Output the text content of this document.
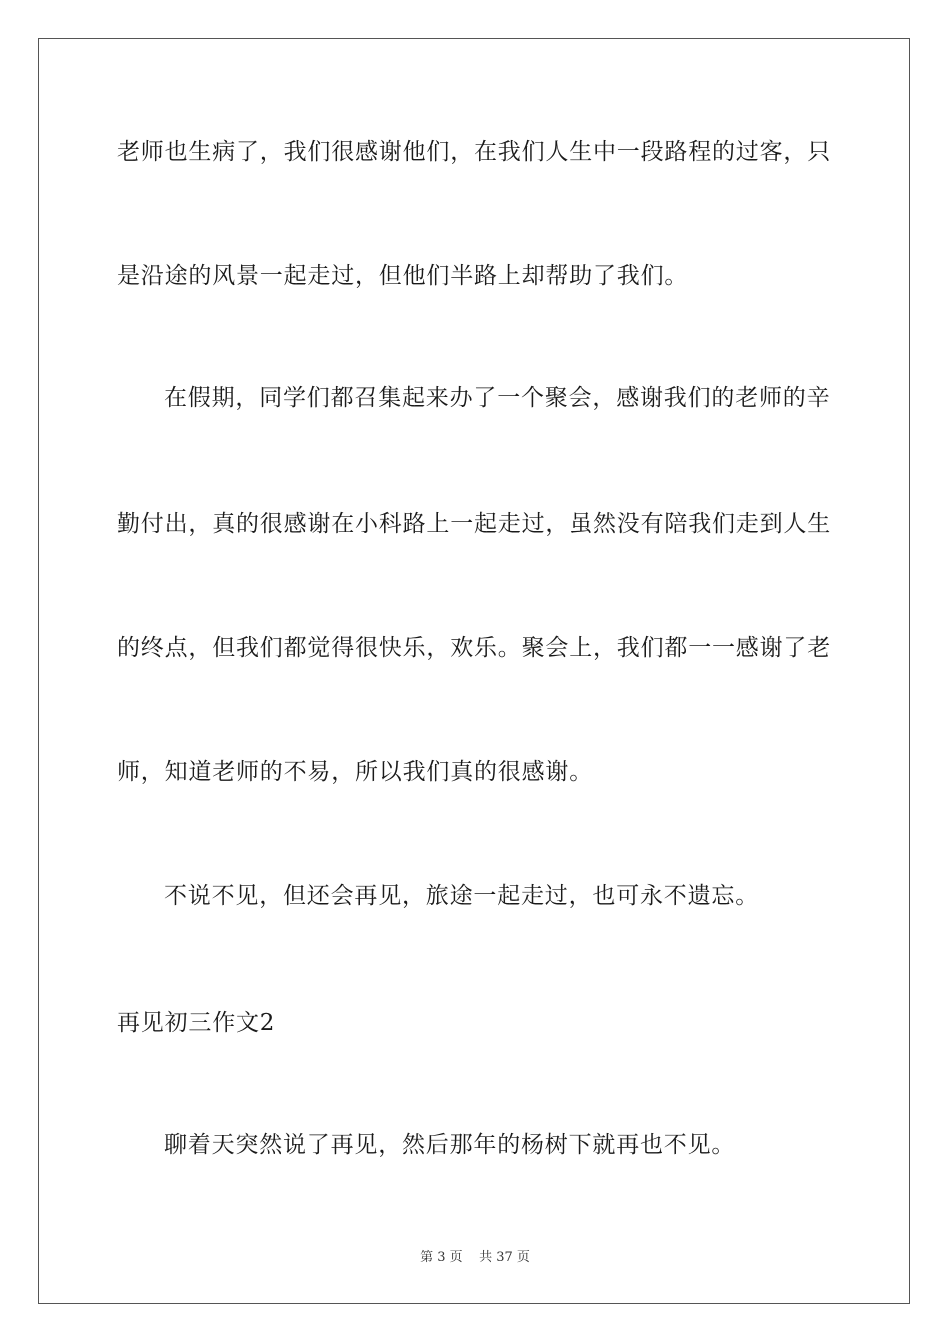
老师也生病了，我们很感谢他们，在我们人生中一段路程的过客，只
是沿途的风景一起走过，但他们半路上却帮助了我们。
在假期，同学们都召集起来办了一个聚会，感谢我们的老师的辛
勤付出，真的很感谢在小科路上一起走过，虽然没有陪我们走到人生
的终点，但我们都觉得很快乐，欢乐。聚会上，我们都一一感谢了老
师，知道老师的不易，所以我们真的很感谢。
不说不见，但还会再见，旅途一起走过，也可永不遗忘。
再见初三作文2
聊着天突然说了再见，然后那年的杨树下就再也不见。
第 3 页    共 37 页
